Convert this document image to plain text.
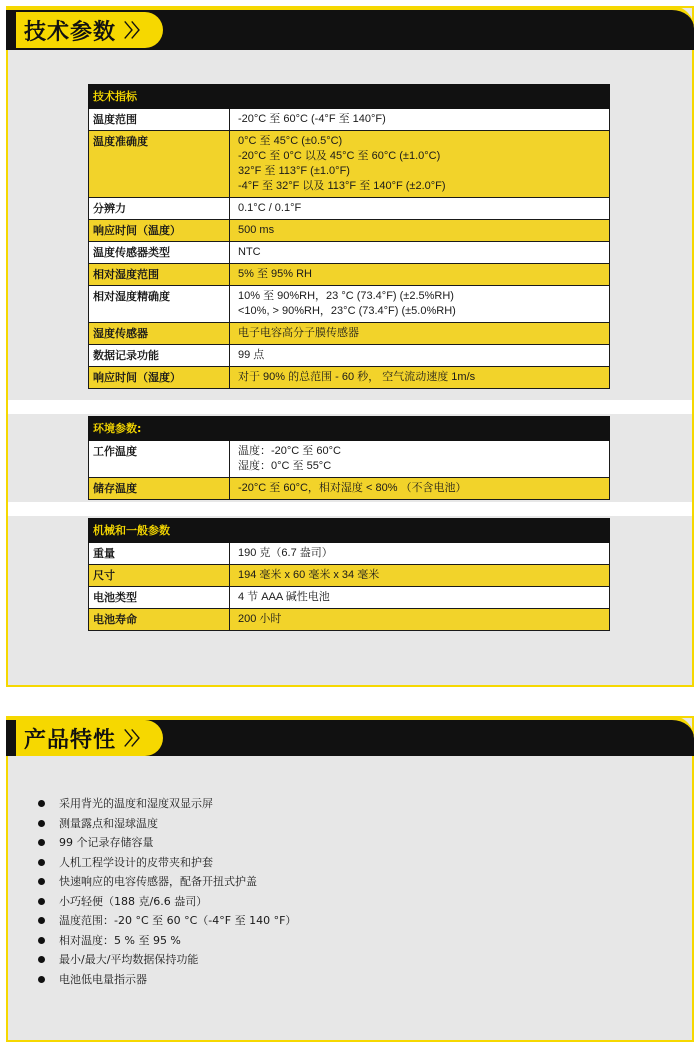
技术参数 〉〉
技术指标	
温度范围	-20°C 至 60°C (-4°F 至 140°F)

温度准确度	0°C 至 45°C (±0.5°C)
-20°C 至 0°C 以及 45°C 至 60°C (±1.0°C)
32°F 至 113°F (±1.0°F)
-4°F 至 32°F 以及 113°F 至 140°F (±2.0°F)

分辨力	0.1°C / 0.1°F

响应时间（温度）	500 ms

温度传感器类型	NTC

相对湿度范围	5% 至 95% RH

相对湿度精确度	10% 至 90%RH，23 °C (73.4°F) (±2.5%RH)
<10%, > 90%RH，23°C (73.4°F) (±5.0%RH)

湿度传感器	电子电容高分子膜传感器

数据记录功能	99 点

响应时间（湿度）	对于 90% 的总范围 - 60 秒， 空气流动速度 1m/s
环境参数:	
工作温度	温度：-20°C 至 60°C
湿度：0°C 至 55°C

储存温度	-20°C 至 60°C，相对湿度 < 80% （不含电池）
机械和一般参数	
重量	190 克（6.7 盎司）

尺寸	194 毫米 x 60 毫米 x 34 毫米

电池类型	4 节 AAA 碱性电池

电池寿命	200 小时
产品特性 〉〉
采用背光的温度和湿度双显示屏
测量露点和湿球温度
99 个记录存储容量
人机工程学设计的皮带夹和护套
快速响应的电容传感器，配备开扭式护盖
小巧轻便（188 克/6.6 盎司）
温度范围：-20 °C 至 60 °C（-4°F 至 140 °F）
相对温度：5 % 至 95 %
最小/最大/平均数据保持功能
电池低电量指示器
